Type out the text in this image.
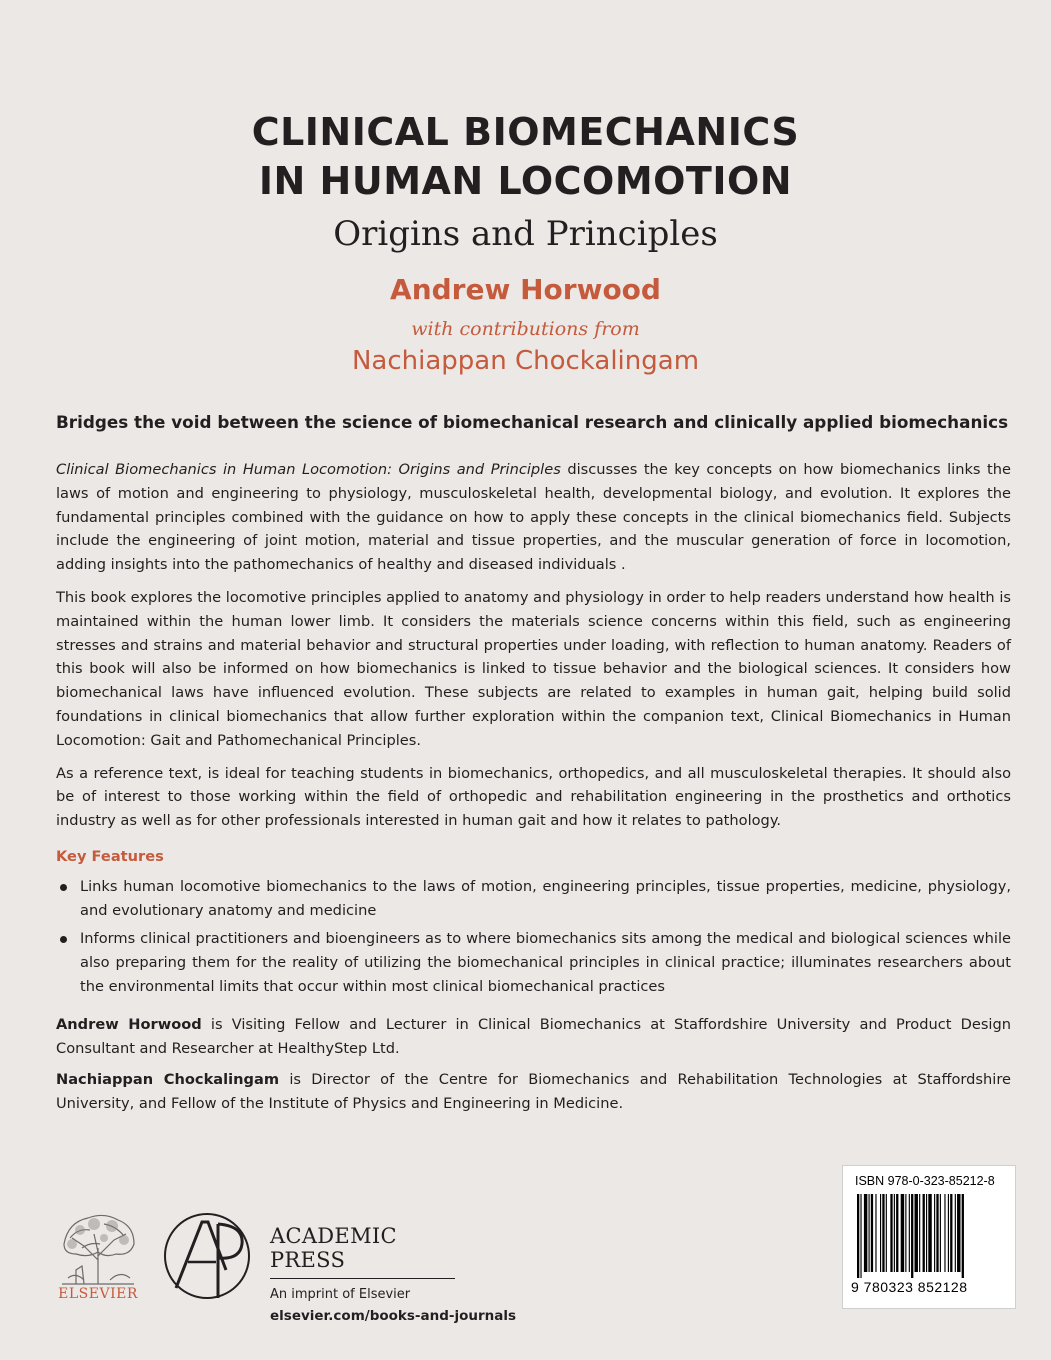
CLINICAL BIOMECHANICS
IN HUMAN LOCOMOTION
Origins and Principles
Andrew Horwood
with contributions from
Nachiappan Chockalingam

Bridges the void between the science of biomechanical research and clinically applied biomechanics

Clinical Biomechanics in Human Locomotion: Origins and Principles discusses the key concepts on how biomechanics links the laws of motion and engineering to physiology, musculoskeletal health, developmental biology, and evolution. It explores the fundamental principles combined with the guidance on how to apply these concepts in the clinical biomechanics field. Subjects include the engineering of joint motion, material and tissue properties, and the muscular generation of force in locomotion, adding insights into the pathomechanics of healthy and diseased individuals .

This book explores the locomotive principles applied to anatomy and physiology in order to help readers understand how health is maintained within the human lower limb. It considers the materials science concerns within this field, such as engineering stresses and strains and material behavior and structural properties under loading, with reflection to human anatomy. Readers of this book will also be informed on how biomechanics is linked to tissue behavior and the biological sciences. It considers how biomechanical laws have influenced evolution. These subjects are related to examples in human gait, helping build solid foundations in clinical biomechanics that allow further exploration within the companion text, Clinical Biomechanics in Human Locomotion: Gait and Pathomechanical Principles.

As a reference text, is ideal for teaching students in biomechanics, orthopedics, and all musculoskeletal therapies. It should also be of interest to those working within the field of orthopedic and rehabilitation engineering in the prosthetics and orthotics industry as well as for other professionals interested in human gait and how it relates to pathology.

Key Features
Links human locomotive biomechanics to the laws of motion, engineering principles, tissue properties, medicine, physiology, and evolutionary anatomy and medicine
Informs clinical practitioners and bioengineers as to where biomechanics sits among the medical and biological sciences while also preparing them for the reality of utilizing the biomechanical principles in clinical practice; illuminates researchers about the environmental limits that occur within most clinical biomechanical practices

Andrew Horwood is Visiting Fellow and Lecturer in Clinical Biomechanics at Staffordshire University and Product Design Consultant and Researcher at HealthyStep Ltd.

Nachiappan Chockalingam is Director of the Centre for Biomechanics and Rehabilitation Technologies at Staffordshire University, and Fellow of the Institute of Physics and Engineering in Medicine.

ELSEVIER
ACADEMIC PRESS
An imprint of Elsevier
elsevier.com/books-and-journals
ISBN 978-0-323-85212-8
9 780323 852128
